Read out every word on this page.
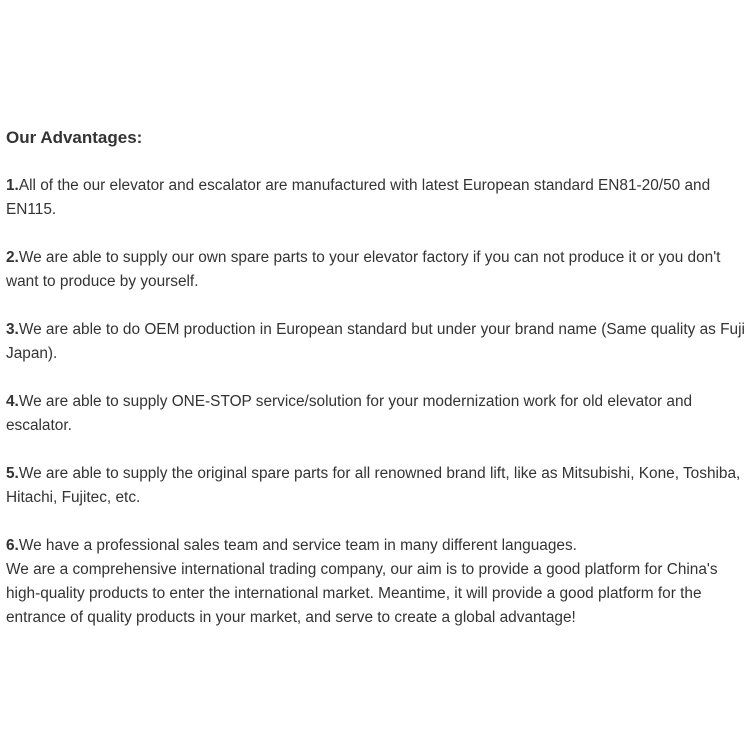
Our Advantages:
1.All of the our elevator and escalator are manufactured with latest European standard EN81-20/50 and EN115.
2.We are able to supply our own spare parts to your elevator factory if you can not produce it or you don't want to produce by yourself.
3.We are able to do OEM production in European standard but under your brand name (Same quality as Fuji Japan).
4.We are able to supply ONE-STOP service/solution for your modernization work for old elevator and escalator.
5.We are able to supply the original spare parts for all renowned brand lift, like as Mitsubishi, Kone, Toshiba, Hitachi, Fujitec, etc.
6.We have a professional sales team and service team in many different languages.
We are a comprehensive international trading company, our aim is to provide a good platform for China's high-quality products to enter the international market. Meantime, it will provide a good platform for the entrance of quality products in your market, and serve to create a global advantage!
